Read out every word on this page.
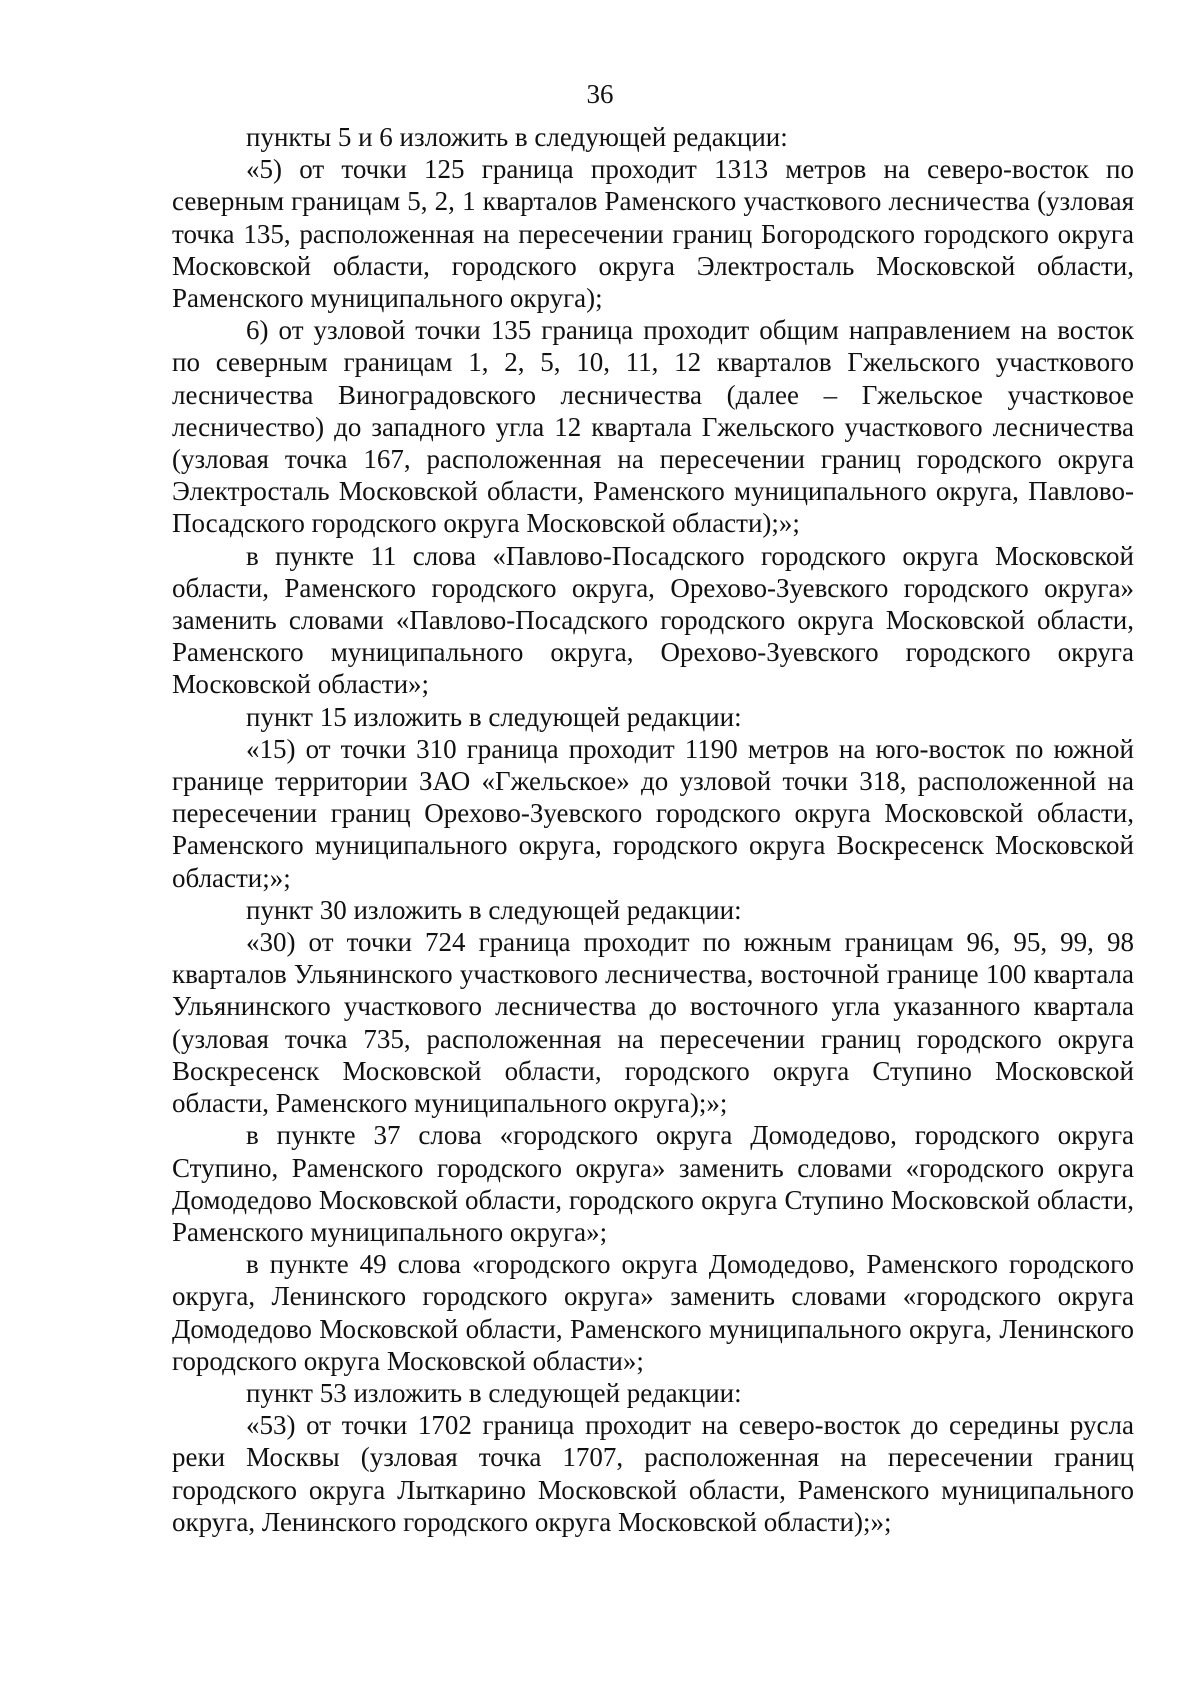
36

пункты 5 и 6 изложить в следующей редакции:

«5) от точки 125 граница проходит 1313 метров на северо-восток по северным границам 5, 2, 1 кварталов Раменского участкового лесничества (узловая точка 135, расположенная на пересечении границ Богородского городского округа Московской области, городского округа Электросталь Московской области, Раменского муниципального округа);

6) от узловой точки 135 граница проходит общим направлением на восток по северным границам 1, 2, 5, 10, 11, 12 кварталов Гжельского участкового лесничества Виноградовского лесничества (далее – Гжельское участковое лесничество) до западного угла 12 квартала Гжельского участкового лесничества (узловая точка 167, расположенная на пересечении границ городского округа Электросталь Московской области, Раменского муниципального округа, Павлово-Посадского городского округа Московской области);»;

в пункте 11 слова «Павлово-Посадского городского округа Московской области, Раменского городского округа, Орехово-Зуевского городского округа» заменить словами «Павлово-Посадского городского округа Московской области, Раменского муниципального округа, Орехово-Зуевского городского округа Московской области»;

пункт 15 изложить в следующей редакции:

«15) от точки 310 граница проходит 1190 метров на юго-восток по южной границе территории ЗАО «Гжельское» до узловой точки 318, расположенной на пересечении границ Орехово-Зуевского городского округа Московской области, Раменского муниципального округа, городского округа Воскресенск Московской области;»;

пункт 30 изложить в следующей редакции:

«30) от точки 724 граница проходит по южным границам 96, 95, 99, 98 кварталов Ульянинского участкового лесничества, восточной границе 100 квартала Ульянинского участкового лесничества до восточного угла указанного квартала (узловая точка 735, расположенная на пересечении границ городского округа Воскресенск Московской области, городского округа Ступино Московской области, Раменского муниципального округа);»;

в пункте 37 слова «городского округа Домодедово, городского округа Ступино, Раменского городского округа» заменить словами «городского округа Домодедово Московской области, городского округа Ступино Московской области, Раменского муниципального округа»;

в пункте 49 слова «городского округа Домодедово, Раменского городского округа, Ленинского городского округа» заменить словами «городского округа Домодедово Московской области, Раменского муниципального округа, Ленинского городского округа Московской области»;

пункт 53 изложить в следующей редакции:

«53) от точки 1702 граница проходит на северо-восток до середины русла реки Москвы (узловая точка 1707, расположенная на пересечении границ городского округа Лыткарино Московской области, Раменского муниципального округа, Ленинского городского округа Московской области);»;
